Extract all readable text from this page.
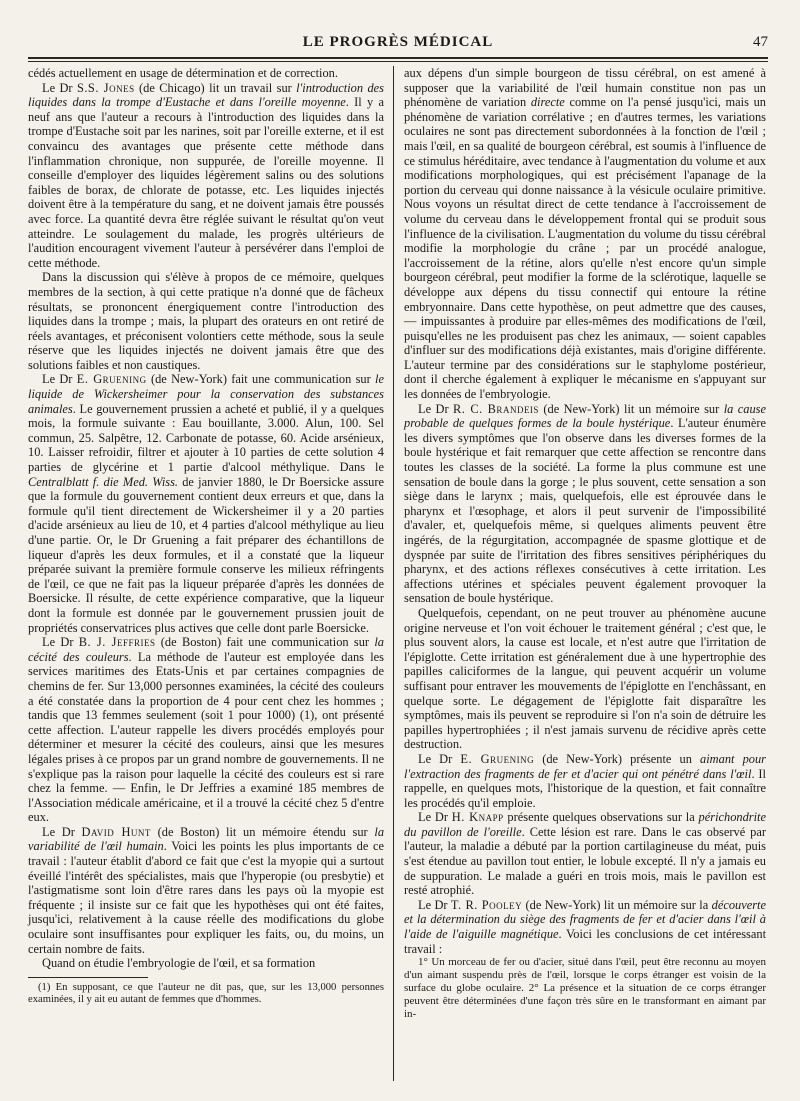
LE PROGRÈS MÉDICAL	47

cédés actuellement en usage de détermination et de correction.

Le Dr S.S. Jones (de Chicago) lit un travail sur l'introduction des liquides dans la trompe d'Eustache et dans l'oreille moyenne. Il y a neuf ans que l'auteur a recours à l'introduction des liquides dans la trompe d'Eustache soit par les narines, soit par l'oreille externe, et il est convaincu des avantages que présente cette méthode dans l'inflammation chronique, non suppurée, de l'oreille moyenne. Il conseille d'employer des liquides légèrement salins ou des solutions faibles de borax, de chlorate de potasse, etc. Les liquides injectés doivent être à la température du sang, et ne doivent jamais être poussés avec force. La quantité devra être réglée suivant le résultat qu'on veut atteindre. Le soulagement du malade, les progrès ultérieurs de l'audition encouragent vivement l'auteur à persévérer dans l'emploi de cette méthode.

Dans la discussion qui s'élève à propos de ce mémoire, quelques membres de la section, à qui cette pratique n'a donné que de fâcheux résultats, se prononcent énergiquement contre l'introduction des liquides dans la trompe ; mais, la plupart des orateurs en ont retiré de réels avantages, et préconisent volontiers cette méthode, sous la seule réserve que les liquides injectés ne doivent jamais être que des solutions faibles et non caustiques.

Le Dr E. Gruening (de New-York) fait une communication sur le liquide de Wickersheimer pour la conservation des substances animales. Le gouvernement prussien a acheté et publié, il y a quelques mois, la formule suivante : Eau bouillante, 3.000. Alun, 100. Sel commun, 25. Salpêtre, 12. Carbonate de potasse, 60. Acide arsénieux, 10. Laisser refroidir, filtrer et ajouter à 10 parties de cette solution 4 parties de glycérine et 1 partie d'alcool méthylique. Dans le Centralblatt f. die Med. Wiss. de janvier 1880, le Dr Boersicke assure que la formule du gouvernement contient deux erreurs et que, dans la formule qu'il tient directement de Wickersheimer il y a 20 parties d'acide arsénieux au lieu de 10, et 4 parties d'alcool méthylique au lieu d'une partie. Or, le Dr Gruening a fait préparer des échantillons de liqueur d'après les deux formules, et il a constaté que la liqueur préparée suivant la première formule conserve les milieux réfringents de l'œil, ce que ne fait pas la liqueur préparée d'après les données de Boersicke. Il résulte, de cette expérience comparative, que la liqueur dont la formule est donnée par le gouvernement prussien jouit de propriétés conservatrices plus actives que celle dont parle Boersicke.

Le Dr B. J. Jeffries (de Boston) fait une communication sur la cécité des couleurs. La méthode de l'auteur est employée dans les services maritimes des Etats-Unis et par certaines compagnies de chemins de fer. Sur 13,000 personnes examinées, la cécité des couleurs a été constatée dans la proportion de 4 pour cent chez les hommes ; tandis que 13 femmes seulement (soit 1 pour 1000) (1), ont présenté cette affection. L'auteur rappelle les divers procédés employés pour déterminer et mesurer la cécité des couleurs, ainsi que les mesures légales prises à ce propos par un grand nombre de gouvernements. Il ne s'explique pas la raison pour laquelle la cécité des couleurs est si rare chez la femme. — Enfin, le Dr Jeffries a examiné 185 membres de l'Association médicale américaine, et il a trouvé la cécité chez 5 d'entre eux.

Le Dr David Hunt (de Boston) lit un mémoire étendu sur la variabilité de l'œil humain. Voici les points les plus importants de ce travail : l'auteur établit d'abord ce fait que c'est la myopie qui a surtout éveillé l'intérêt des spécialistes, mais que l'hyperopie (ou presbytie) et l'astigmatisme sont loin d'être rares dans les pays où la myopie est fréquente ; il insiste sur ce fait que les hypothèses qui ont été faites, jusqu'ici, relativement à la cause réelle des modifications du globe oculaire sont insuffisantes pour expliquer les faits, ou, du moins, un certain nombre de faits.

Quand on étudie l'embryologie de l'œil, et sa formation

(1) En supposant, ce que l'auteur ne dit pas, que, sur les 13,000 personnes examinées, il y ait eu autant de femmes que d'hommes.

aux dépens d'un simple bourgeon de tissu cérébral, on est amené à supposer que la variabilité de l'œil humain constitue non pas un phénomène de variation directe comme on l'a pensé jusqu'ici, mais un phénomène de variation corrélative ; en d'autres termes, les variations oculaires ne sont pas directement subordonnées à la fonction de l'œil ; mais l'œil, en sa qualité de bourgeon cérébral, est soumis à l'influence de ce stimulus héréditaire, avec tendance à l'augmentation du volume et aux modifications morphologiques, qui est précisément l'apanage de la portion du cerveau qui donne naissance à la vésicule oculaire primitive. Nous voyons un résultat direct de cette tendance à l'accroissement de volume du cerveau dans le développement frontal qui se produit sous l'influence de la civilisation. L'augmentation du volume du tissu cérébral modifie la morphologie du crâne ; par un procédé analogue, l'accroissement de la rétine, alors qu'elle n'est encore qu'un simple bourgeon cérébral, peut modifier la forme de la sclérotique, laquelle se développe aux dépens du tissu connectif qui entoure la rétine embryonnaire. Dans cette hypothèse, on peut admettre que des causes, — impuissantes à produire par elles-mêmes des modifications de l'œil, puisqu'elles ne les produisent pas chez les animaux, — soient capables d'influer sur des modifications déjà existantes, mais d'origine différente. L'auteur termine par des considérations sur le staphylome postérieur, dont il cherche également à expliquer le mécanisme en s'appuyant sur les données de l'embryologie.

Le Dr R. C. Brandeis (de New-York) lit un mémoire sur la cause probable de quelques formes de la boule hystérique. L'auteur énumère les divers symptômes que l'on observe dans les diverses formes de la boule hystérique et fait remarquer que cette affection se rencontre dans toutes les classes de la société. La forme la plus commune est une sensation de boule dans la gorge ; le plus souvent, cette sensation a son siège dans le larynx ; mais, quelquefois, elle est éprouvée dans le pharynx et l'œsophage, et alors il peut survenir de l'impossibilité d'avaler, et, quelquefois même, si quelques aliments peuvent être ingérés, de la régurgitation, accompagnée de spasme glottique et de dyspnée par suite de l'irritation des fibres sensitives périphériques du pharynx, et des actions réflexes consécutives à cette irritation. Les affections utérines et spéciales peuvent également provoquer la sensation de boule hystérique.

Quelquefois, cependant, on ne peut trouver au phénomène aucune origine nerveuse et l'on voit échouer le traitement général ; c'est que, le plus souvent alors, la cause est locale, et n'est autre que l'irritation de l'épiglotte. Cette irritation est généralement due à une hypertrophie des papilles caliciformes de la langue, qui peuvent acquérir un volume suffisant pour entraver les mouvements de l'épiglotte en l'enchâssant, en quelque sorte. Le dégagement de l'épiglotte fait disparaître les symptômes, mais ils peuvent se reproduire si l'on n'a soin de détruire les papilles hypertrophiées ; il n'est jamais survenu de récidive après cette destruction.

Le Dr E. Gruening (de New-York) présente un aimant pour l'extraction des fragments de fer et d'acier qui ont pénétré dans l'œil. Il rappelle, en quelques mots, l'historique de la question, et fait connaître les procédés qu'il emploie.

Le Dr H. Knapp présente quelques observations sur la périchondrite du pavillon de l'oreille. Cette lésion est rare. Dans le cas observé par l'auteur, la maladie a débuté par la portion cartilagineuse du méat, puis s'est étendue au pavillon tout entier, le lobule excepté. Il n'y a jamais eu de suppuration. Le malade a guéri en trois mois, mais le pavillon est resté atrophié.

Le Dr T. R. Pooley (de New-York) lit un mémoire sur la découverte et la détermination du siège des fragments de fer et d'acier dans l'œil à l'aide de l'aiguille magnétique. Voici les conclusions de cet intéressant travail :

1° Un morceau de fer ou d'acier, situé dans l'œil, peut être reconnu au moyen d'un aimant suspendu près de l'œil, lorsque le corps étranger est voisin de la surface du globe oculaire. 2° La présence et la situation de ce corps étranger peuvent être déterminées d'une façon très sûre en le transformant en aimant par in-
